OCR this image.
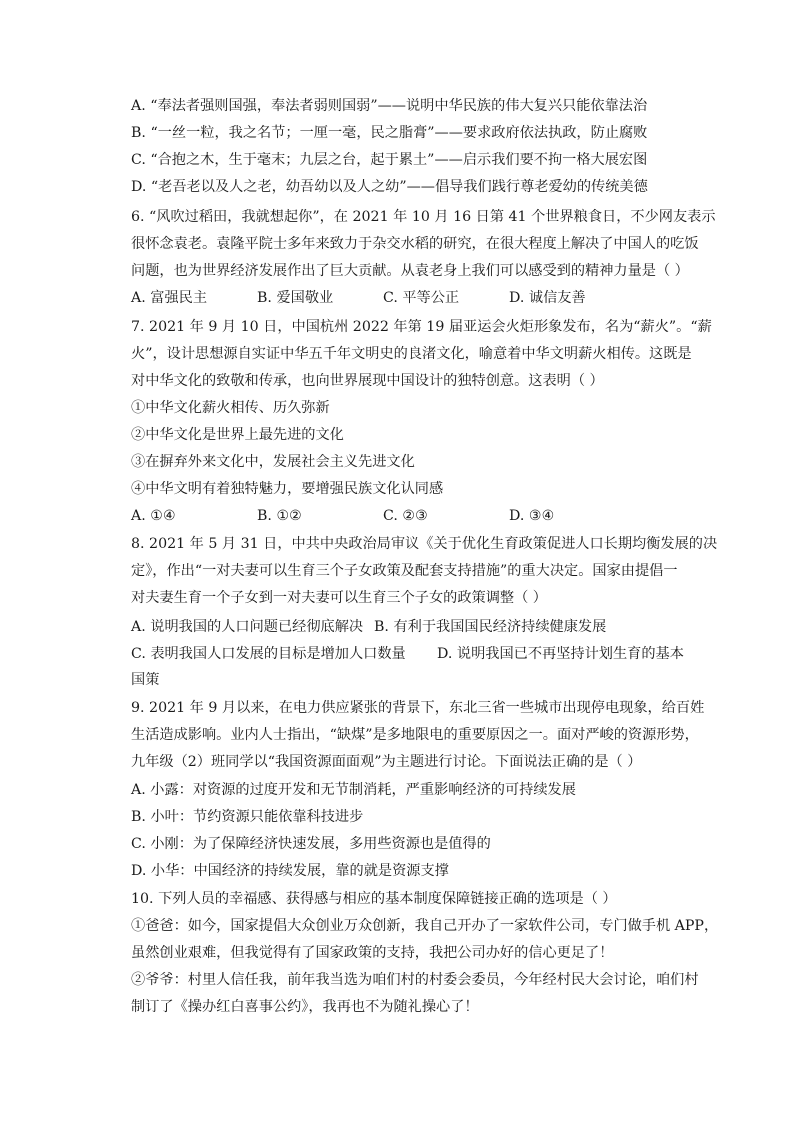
A. “奉法者强则国强，奉法者弱则国弱”——说明中华民族的伟大复兴只能依靠法治
B. “一丝一粒，我之名节；一厘一毫，民之脂膏”——要求政府依法执政，防止腐败
C. “合抱之木，生于毫末；九层之台，起于累土”——启示我们要不拘一格大展宏图
D. “老吾老以及人之老，幼吾幼以及人之幼”——倡导我们践行尊老爱幼的传统美德
6. “风吹过稻田，我就想起你”，在 2021 年 10 月 16 日第 41 个世界粮食日，不少网友表示
很怀念袁老。袁隆平院士多年来致力于杂交水稻的研究，在很大程度上解决了中国人的吃饭
问题，也为世界经济发展作出了巨大贡献。从袁老身上我们可以感受到的精神力量是（ ）
A. 富强民主	B. 爱国敬业	C. 平等公正	D. 诚信友善
7. 2021 年 9 月 10 日，中国杭州 2022 年第 19 届亚运会火炬形象发布，名为“薪火”。“薪
火”，设计思想源自实证中华五千年文明史的良渚文化，喻意着中华文明薪火相传。这既是
对中华文化的致敬和传承，也向世界展现中国设计的独特创意。这表明（ ）
①中华文化薪火相传、历久弥新
②中华文化是世界上最先进的文化
③在摒弃外来文化中，发展社会主义先进文化
④中华文明有着独特魅力，要增强民族文化认同感
A. ①④	B. ①②	C. ②③	D. ③④
8. 2021 年 5 月 31 日，中共中央政治局审议《关于优化生育政策促进人口长期均衡发展的决
定》，作出“一对夫妻可以生育三个子女政策及配套支持措施”的重大决定。国家由提倡一
对夫妻生育一个子女到一对夫妻可以生育三个子女的政策调整（ ）
A. 说明我国的人口问题已经彻底解决 B. 有利于我国国民经济持续健康发展
C. 表明我国人口发展的目标是增加人口数量 D. 说明我国已不再坚持计划生育的基本
国策
9. 2021 年 9 月以来，在电力供应紧张的背景下，东北三省一些城市出现停电现象，给百姓
生活造成影响。业内人士指出，“缺煤”是多地限电的重要原因之一。面对严峻的资源形势，
九年级（2）班同学以“我国资源面面观”为主题进行讨论。下面说法正确的是（ ）
A. 小露：对资源的过度开发和无节制消耗，严重影响经济的可持续发展
B. 小叶：节约资源只能依靠科技进步
C. 小刚：为了保障经济快速发展，多用些资源也是值得的
D. 小华：中国经济的持续发展，靠的就是资源支撑
10. 下列人员的幸福感、获得感与相应的基本制度保障链接正确的选项是（ ）
①爸爸：如今，国家提倡大众创业万众创新，我自己开办了一家软件公司，专门做手机 APP，
虽然创业艰难，但我觉得有了国家政策的支持，我把公司办好的信心更足了！
②爷爷：村里人信任我，前年我当选为咱们村的村委会委员，今年经村民大会讨论，咱们村
制订了《操办红白喜事公约》，我再也不为随礼操心了！
